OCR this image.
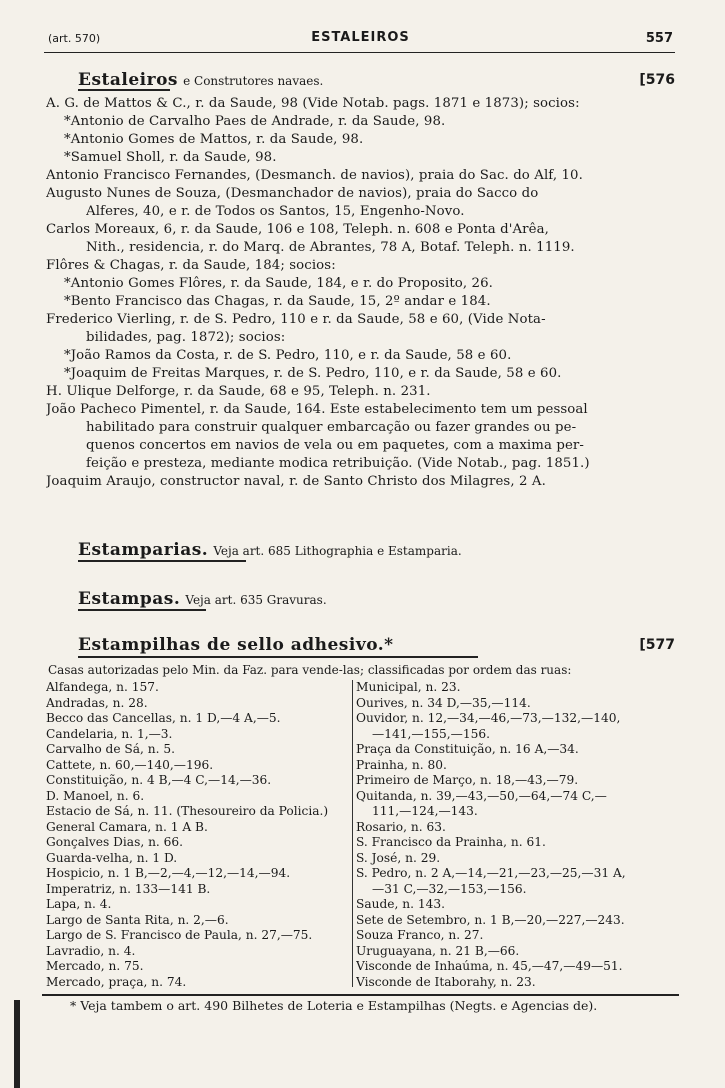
(art. 570)	ESTALEIROS	557
Estaleiros e Construtores navaes.	[576
A. G. de Mattos & C., r. da Saude, 98 (Vide Notab. pags. 1871 e 1873); socios:
*Antonio de Carvalho Paes de Andrade, r. da Saude, 98.
*Antonio Gomes de Mattos, r. da Saude, 98.
*Samuel Sholl, r. da Saude, 98.
Antonio Francisco Fernandes, (Desmanch. de navios), praia do Sac. do Alf, 10.
Augusto Nunes de Souza, (Desmanchador de navios), praia do Sacco do
Alferes, 40, e r. de Todos os Santos, 15, Engenho-Novo.
Carlos Moreaux, 6, r. da Saude, 106 e 108, Teleph. n. 608 e Ponta d'Arêa,
Nith., residencia, r. do Marq. de Abrantes, 78 A, Botaf. Teleph. n. 1119.
Flôres & Chagas, r. da Saude, 184; socios:
*Antonio Gomes Flôres, r. da Saude, 184, e r. do Proposito, 26.
*Bento Francisco das Chagas, r. da Saude, 15, 2º andar e 184.
Frederico Vierling, r. de S. Pedro, 110 e r. da Saude, 58 e 60, (Vide Nota-
bilidades, pag. 1872); socios:
*João Ramos da Costa, r. de S. Pedro, 110, e r. da Saude, 58 e 60.
*Joaquim de Freitas Marques, r. de S. Pedro, 110, e r. da Saude, 58 e 60.
H. Ulique Delforge, r. da Saude, 68 e 95, Teleph. n. 231.
João Pacheco Pimentel, r. da Saude, 164. Este estabelecimento tem um pessoal
habilitado para construir qualquer embarcação ou fazer grandes ou pe-
quenos concertos em navios de vela ou em paquetes, com a maxima per-
feição e presteza, mediante modica retribuição. (Vide Notab., pag. 1851.)
Joaquim Araujo, constructor naval, r. de Santo Christo dos Milagres, 2 A.
Estamparias. Veja art. 685 Lithographia e Estamparia.
Estampas. Veja art. 635 Gravuras.
Estampilhas de sello adhesivo.*	[577
Casas autorizadas pelo Min. da Faz. para vende-las; classificadas por ordem das ruas:
Alfandega, n. 157.
Andradas, n. 28.
Becco das Cancellas, n. 1 D,—4 A,—5.
Candelaria, n. 1,—3.
Carvalho de Sá, n. 5.
Cattete, n. 60,—140,—196.
Constituição, n. 4 B,—4 C,—14,—36.
D. Manoel, n. 6.
Estacio de Sá, n. 11. (Thesoureiro da Policia.)
General Camara, n. 1 A B.
Gonçalves Dias, n. 66.
Guarda-velha, n. 1 D.
Hospicio, n. 1 B,—2,—4,—12,—14,—94.
Imperatriz, n. 133—141 B.
Lapa, n. 4.
Largo de Santa Rita, n. 2,—6.
Largo de S. Francisco de Paula, n. 27,—75.
Lavradio, n. 4.
Mercado, n. 75.
Mercado, praça, n. 74.
Municipal, n. 23.
Ourives, n. 34 D,—35,—114.
Ouvidor, n. 12,—34,—46,—73,—132,—140,
—141,—155,—156.
Praça da Constituição, n. 16 A,—34.
Prainha, n. 80.
Primeiro de Março, n. 18,—43,—79.
Quitanda, n. 39,—43,—50,—64,—74 C,—
111,—124,—143.
Rosario, n. 63.
S. Francisco da Prainha, n. 61.
S. José, n. 29.
S. Pedro, n. 2 A,—14,—21,—23,—25,—31 A,
—31 C,—32,—153,—156.
Saude, n. 143.
Sete de Setembro, n. 1 B,—20,—227,—243.
Souza Franco, n. 27.
Uruguayana, n. 21 B,—66.
Visconde de Inhaúma, n. 45,—47,—49—51.
Visconde de Itaborahy, n. 23.
* Veja tambem o art. 490 Bilhetes de Loteria e Estampilhas (Negts. e Agencias de).
